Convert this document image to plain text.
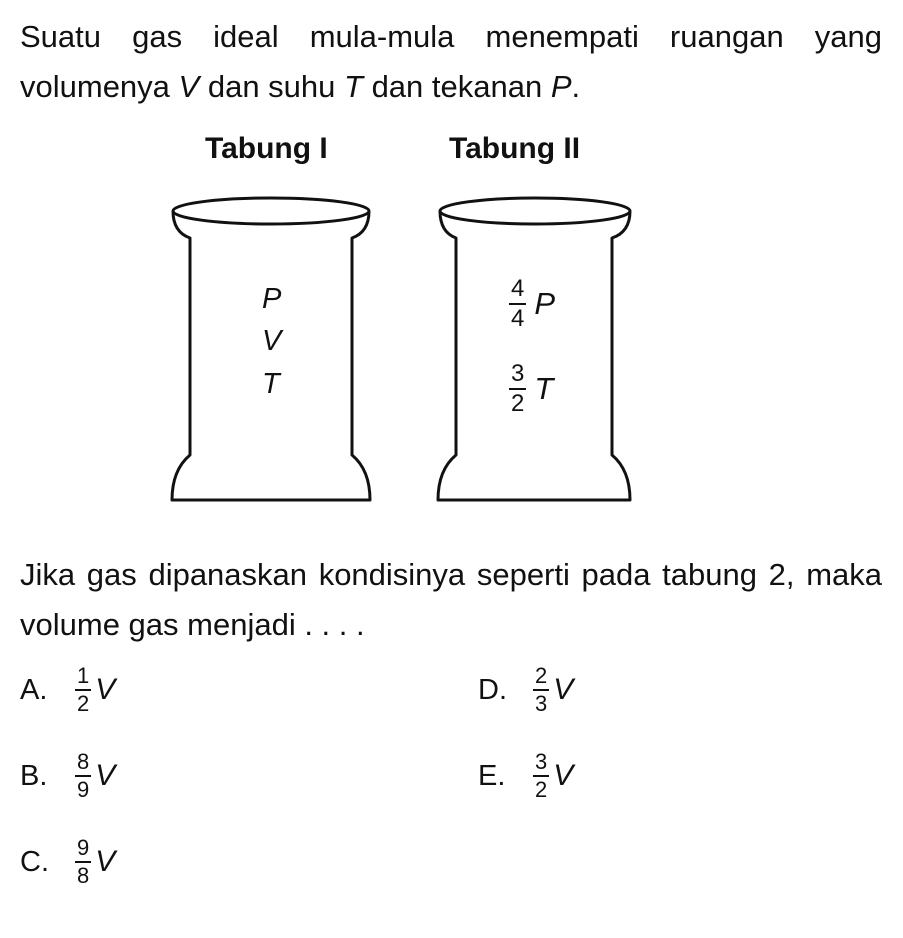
Suatu gas ideal mula-mula menempati ruangan yang volumenya V dan suhu T dan tekanan P.
Tabung I	Tabung II
P
V
T
$\frac{4}{4}$ P
$\frac{3}{2}$ T
Jika gas dipanaskan kondisinya seperti pada tabung 2, maka volume gas menjadi . . . .
A.	$\frac{1}{2}$ V
B.	$\frac{8}{9}$ V
C.	$\frac{9}{8}$ V
D.	$\frac{2}{3}$ V
E.	$\frac{3}{2}$ V
